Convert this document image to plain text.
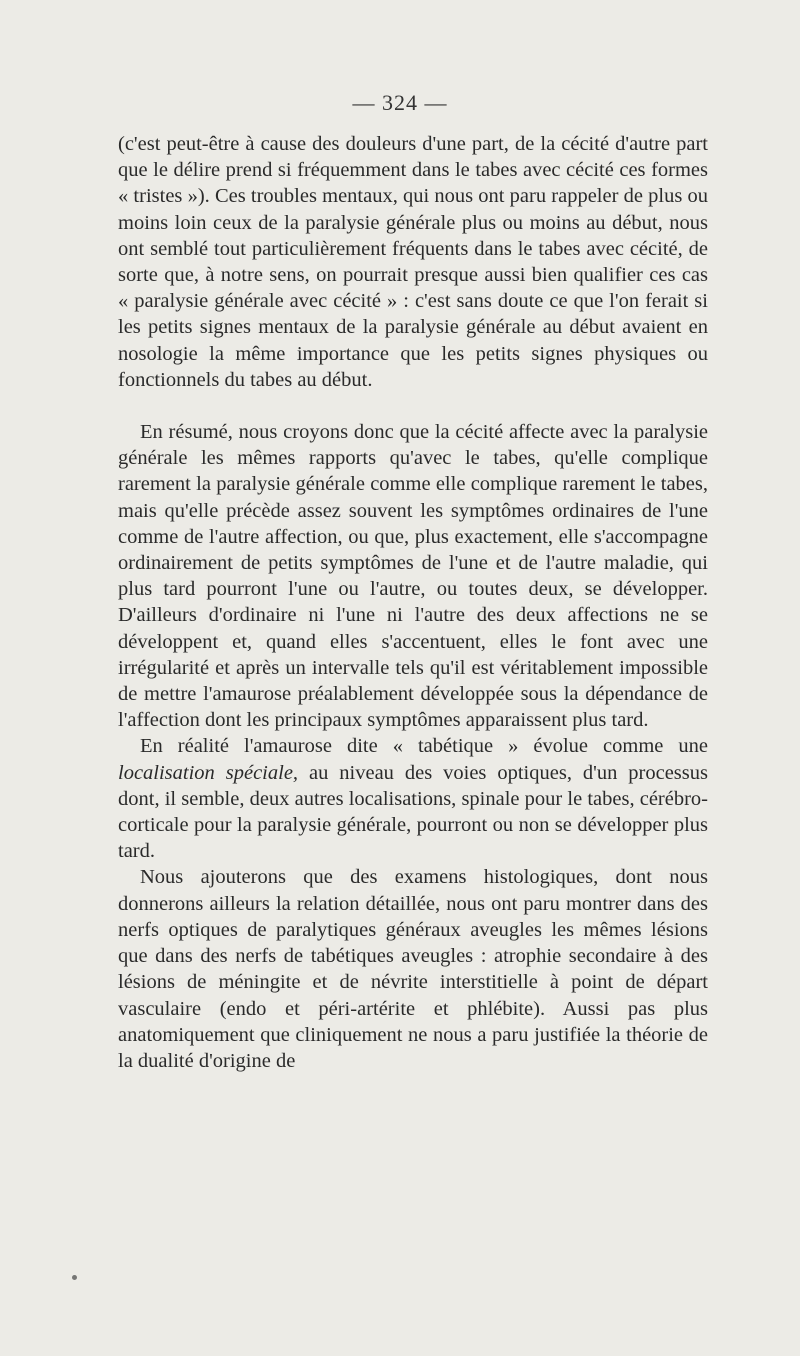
— 324 —

(c'est peut-être à cause des douleurs d'une part, de la cécité d'autre part que le délire prend si fréquemment dans le tabes avec cécité ces formes « tristes »). Ces troubles mentaux, qui nous ont paru rappeler de plus ou moins loin ceux de la paralysie générale plus ou moins au début, nous ont semblé tout particulièrement fréquents dans le tabes avec cécité, de sorte que, à notre sens, on pourrait presque aussi bien qualifier ces cas « paralysie générale avec cécité » : c'est sans doute ce que l'on ferait si les petits signes mentaux de la paralysie générale au début avaient en nosologie la même importance que les petits signes physiques ou fonctionnels du tabes au début.

En résumé, nous croyons donc que la cécité affecte avec la paralysie générale les mêmes rapports qu'avec le tabes, qu'elle complique rarement la paralysie générale comme elle complique rarement le tabes, mais qu'elle précède assez souvent les symptômes ordinaires de l'une comme de l'autre affection, ou que, plus exactement, elle s'accompagne ordinairement de petits symptômes de l'une et de l'autre maladie, qui plus tard pourront l'une ou l'autre, ou toutes deux, se développer. D'ailleurs d'ordinaire ni l'une ni l'autre des deux affections ne se développent et, quand elles s'accentuent, elles le font avec une irrégularité et après un intervalle tels qu'il est véritablement impossible de mettre l'amaurose préalablement développée sous la dépendance de l'affection dont les principaux symptômes apparaissent plus tard.

En réalité l'amaurose dite « tabétique » évolue comme une localisation spéciale, au niveau des voies optiques, d'un processus dont, il semble, deux autres localisations, spinale pour le tabes, cérébro-corticale pour la paralysie générale, pourront ou non se développer plus tard.

Nous ajouterons que des examens histologiques, dont nous donnerons ailleurs la relation détaillée, nous ont paru montrer dans des nerfs optiques de paralytiques généraux aveugles les mêmes lésions que dans des nerfs de tabétiques aveugles : atrophie secondaire à des lésions de méningite et de névrite interstitielle à point de départ vasculaire (endo et péri-artérite et phlébite). Aussi pas plus anatomiquement que cliniquement ne nous a paru justifiée la théorie de la dualité d'origine de
